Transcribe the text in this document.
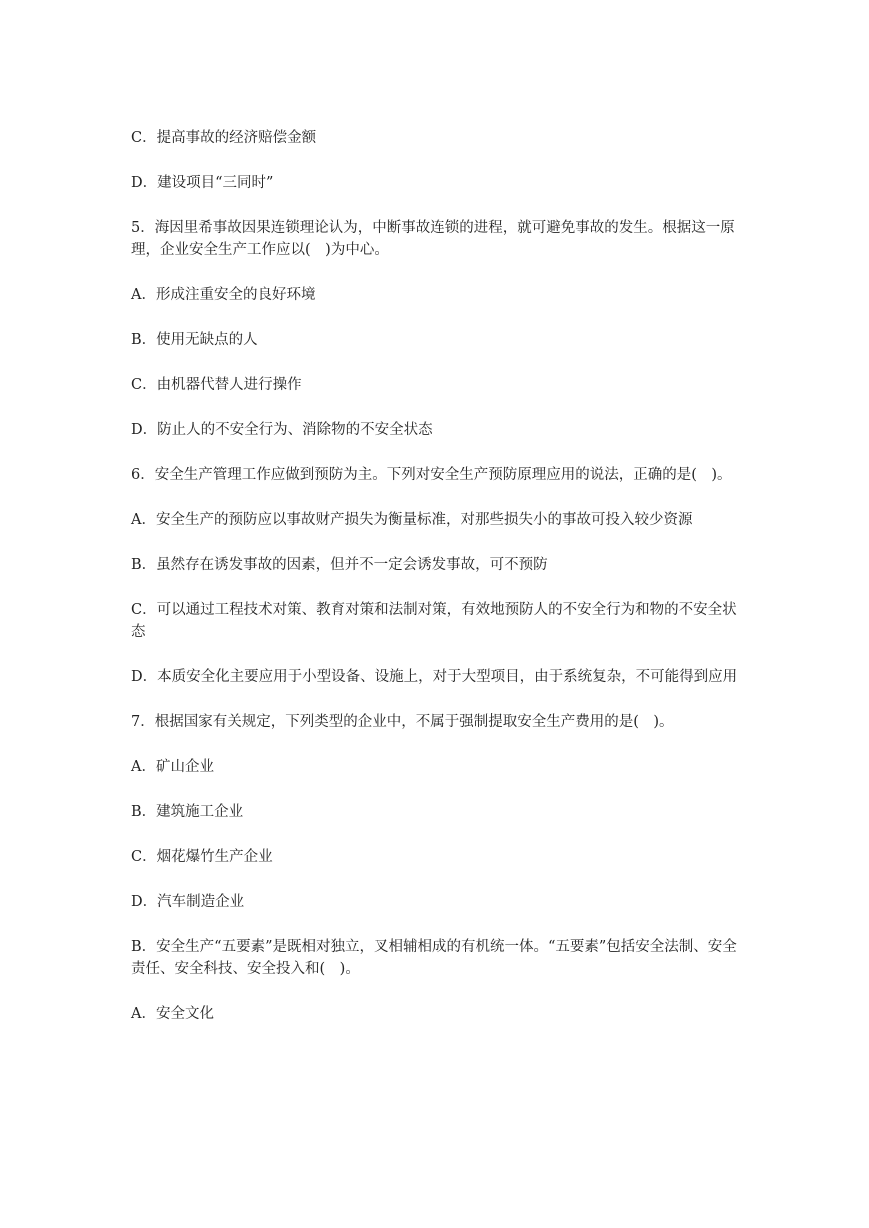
C．提高事故的经济赔偿金额

D．建设项目“三同时”

5．海因里希事故因果连锁理论认为，中断事故连锁的进程，就可避免事故的发生。根据这一原理，企业安全生产工作应以(　)为中心。

A．形成注重安全的良好环境

B．使用无缺点的人

C．由机器代替人进行操作

D．防止人的不安全行为、消除物的不安全状态

6．安全生产管理工作应做到预防为主。下列对安全生产预防原理应用的说法，正确的是(　)。

A．安全生产的预防应以事故财产损失为衡量标准，对那些损失小的事故可投入较少资源

B．虽然存在诱发事故的因素，但并不一定会诱发事故，可不预防

C．可以通过工程技术对策、教育对策和法制对策，有效地预防人的不安全行为和物的不安全状态

D．本质安全化主要应用于小型设备、设施上，对于大型项目，由于系统复杂，不可能得到应用

7．根据国家有关规定，下列类型的企业中，不属于强制提取安全生产费用的是(　)。

A．矿山企业

B．建筑施工企业

C．烟花爆竹生产企业

D．汽车制造企业

B．安全生产“五要素”是既相对独立，叉相辅相成的有机统一体。“五要素”包括安全法制、安全责任、安全科技、安全投入和(　)。

A．安全文化
